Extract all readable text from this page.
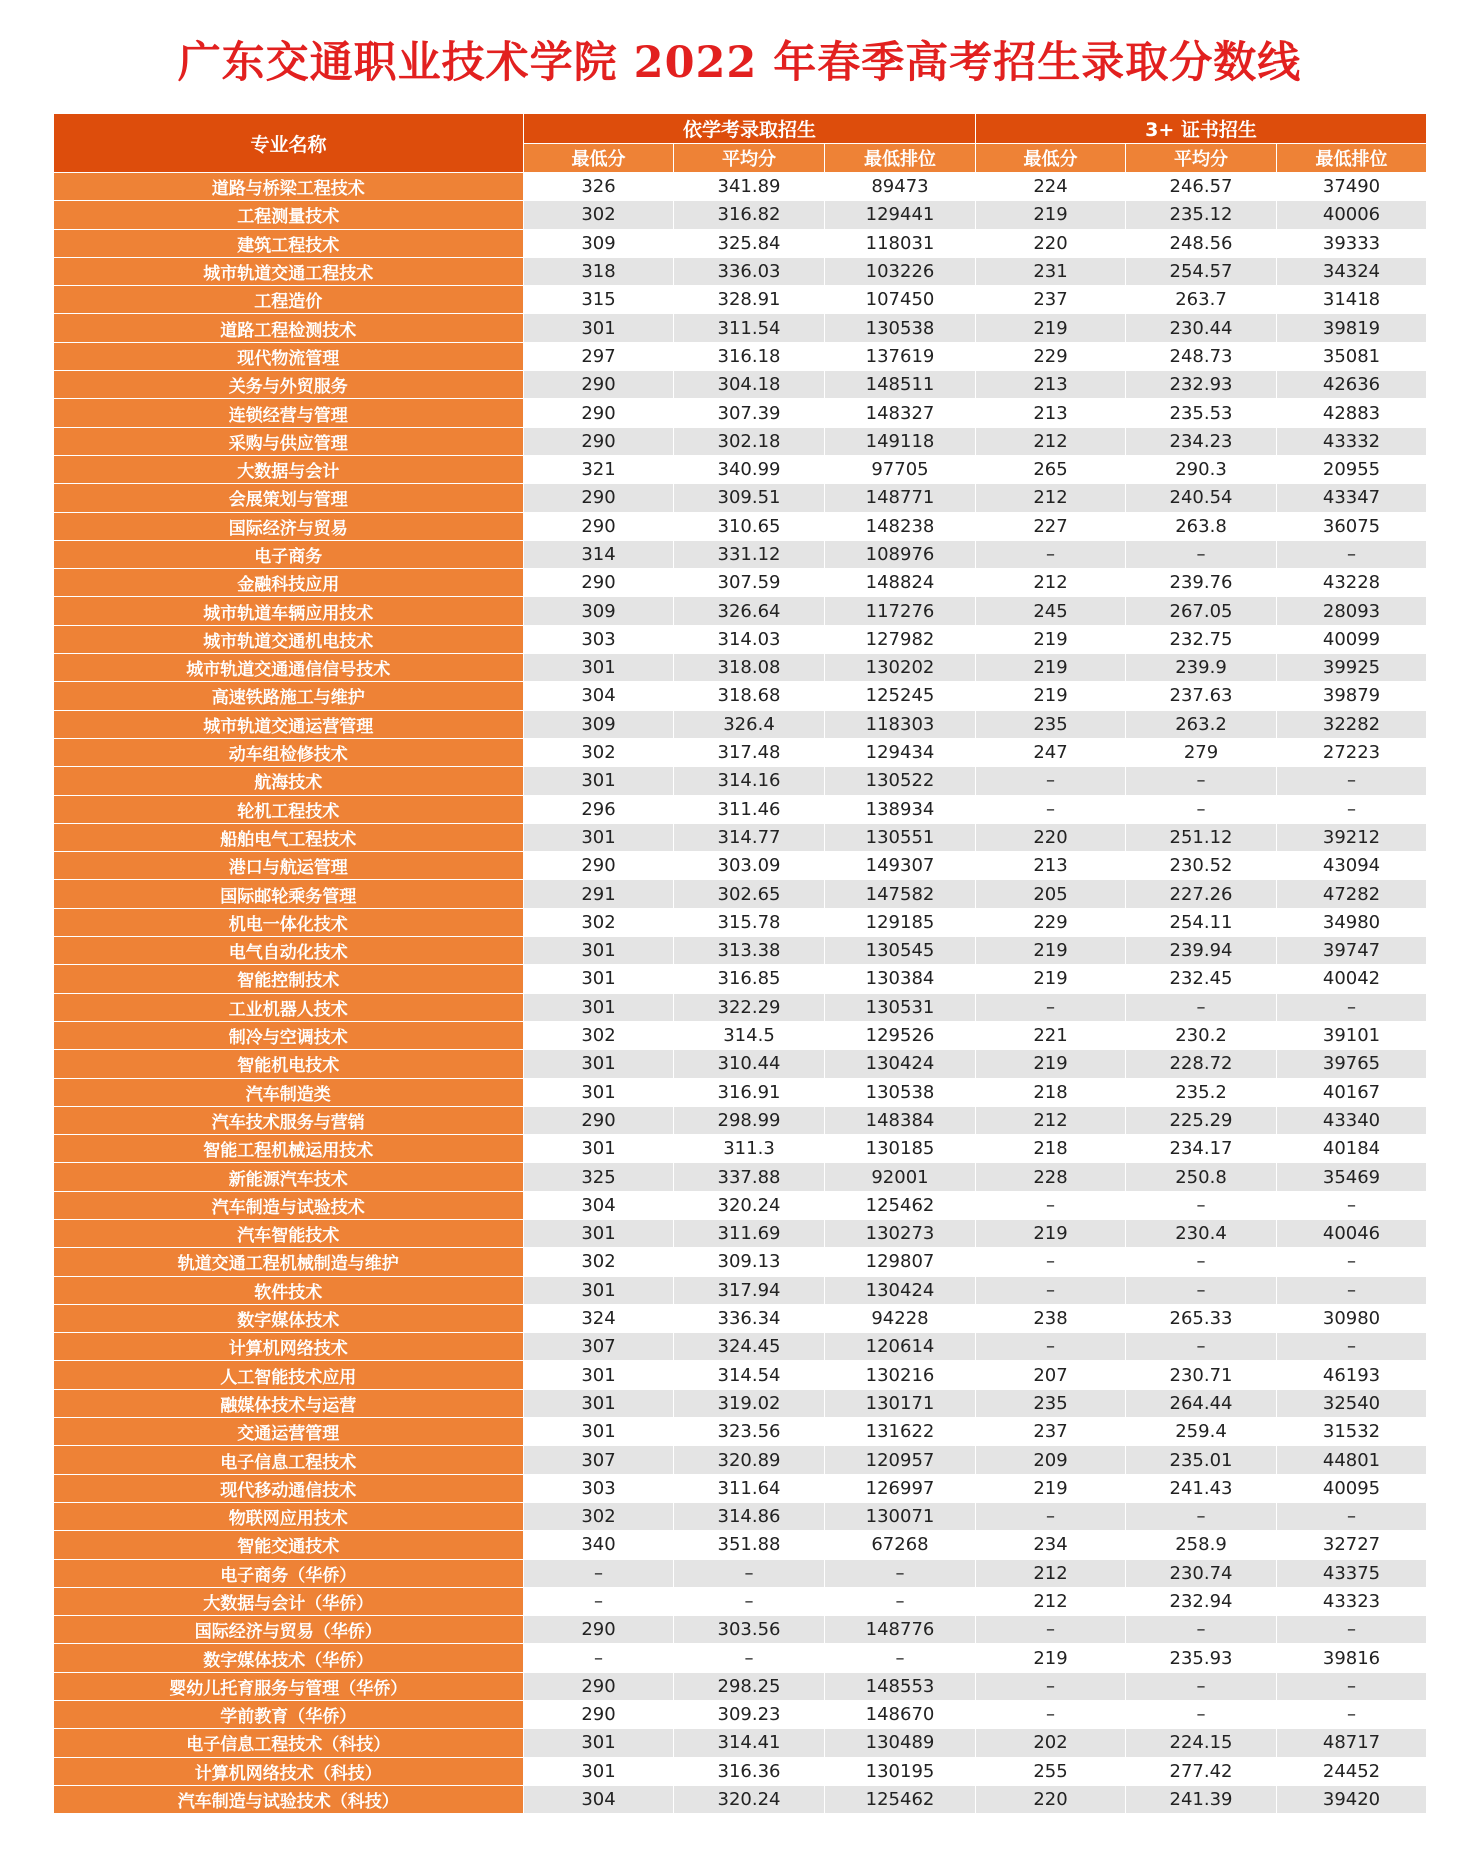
广东交通职业技术学院 2022 年春季高考招生录取分数线
专业名称	依学考录取招生			3+ 证书招生		
	最低分	平均分	最低排位	最低分	平均分	最低排位
道路与桥梁工程技术	326	341.89	89473	224	246.57	37490
工程测量技术	302	316.82	129441	219	235.12	40006
建筑工程技术	309	325.84	118031	220	248.56	39333
城市轨道交通工程技术	318	336.03	103226	231	254.57	34324
工程造价	315	328.91	107450	237	263.7	31418
道路工程检测技术	301	311.54	130538	219	230.44	39819
现代物流管理	297	316.18	137619	229	248.73	35081
关务与外贸服务	290	304.18	148511	213	232.93	42636
连锁经营与管理	290	307.39	148327	213	235.53	42883
采购与供应管理	290	302.18	149118	212	234.23	43332
大数据与会计	321	340.99	97705	265	290.3	20955
会展策划与管理	290	309.51	148771	212	240.54	43347
国际经济与贸易	290	310.65	148238	227	263.8	36075
电子商务	314	331.12	108976	–	–	–
金融科技应用	290	307.59	148824	212	239.76	43228
城市轨道车辆应用技术	309	326.64	117276	245	267.05	28093
城市轨道交通机电技术	303	314.03	127982	219	232.75	40099
城市轨道交通通信信号技术	301	318.08	130202	219	239.9	39925
高速铁路施工与维护	304	318.68	125245	219	237.63	39879
城市轨道交通运营管理	309	326.4	118303	235	263.2	32282
动车组检修技术	302	317.48	129434	247	279	27223
航海技术	301	314.16	130522	–	–	–
轮机工程技术	296	311.46	138934	–	–	–
船舶电气工程技术	301	314.77	130551	220	251.12	39212
港口与航运管理	290	303.09	149307	213	230.52	43094
国际邮轮乘务管理	291	302.65	147582	205	227.26	47282
机电一体化技术	302	315.78	129185	229	254.11	34980
电气自动化技术	301	313.38	130545	219	239.94	39747
智能控制技术	301	316.85	130384	219	232.45	40042
工业机器人技术	301	322.29	130531	–	–	–
制冷与空调技术	302	314.5	129526	221	230.2	39101
智能机电技术	301	310.44	130424	219	228.72	39765
汽车制造类	301	316.91	130538	218	235.2	40167
汽车技术服务与营销	290	298.99	148384	212	225.29	43340
智能工程机械运用技术	301	311.3	130185	218	234.17	40184
新能源汽车技术	325	337.88	92001	228	250.8	35469
汽车制造与试验技术	304	320.24	125462	–	–	–
汽车智能技术	301	311.69	130273	219	230.4	40046
轨道交通工程机械制造与维护	302	309.13	129807	–	–	–
软件技术	301	317.94	130424	–	–	–
数字媒体技术	324	336.34	94228	238	265.33	30980
计算机网络技术	307	324.45	120614	–	–	–
人工智能技术应用	301	314.54	130216	207	230.71	46193
融媒体技术与运营	301	319.02	130171	235	264.44	32540
交通运营管理	301	323.56	131622	237	259.4	31532
电子信息工程技术	307	320.89	120957	209	235.01	44801
现代移动通信技术	303	311.64	126997	219	241.43	40095
物联网应用技术	302	314.86	130071	–	–	–
智能交通技术	340	351.88	67268	234	258.9	32727
电子商务（华侨）	–	–	–	212	230.74	43375
大数据与会计（华侨）	–	–	–	212	232.94	43323
国际经济与贸易（华侨）	290	303.56	148776	–	–	–
数字媒体技术（华侨）	–	–	–	219	235.93	39816
婴幼儿托育服务与管理（华侨）	290	298.25	148553	–	–	–
学前教育（华侨）	290	309.23	148670	–	–	–
电子信息工程技术（科技）	301	314.41	130489	202	224.15	48717
计算机网络技术（科技）	301	316.36	130195	255	277.42	24452
汽车制造与试验技术（科技）	304	320.24	125462	220	241.39	39420
